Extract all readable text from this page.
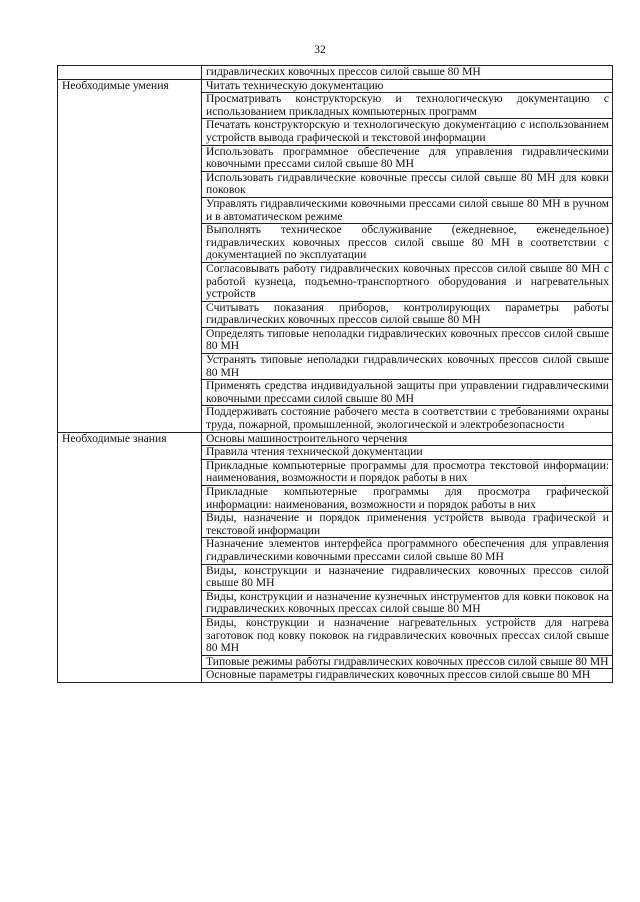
32
	гидравлических ковочных прессов силой свыше 80 МН
Необходимые умения	Читать техническую документацию
	Просматривать конструкторскую и технологическую документацию с использованием прикладных компьютерных программ
	Печатать конструкторскую и технологическую документацию с использованием устройств вывода графической и текстовой информации
	Использовать программное обеспечение для управления гидравлическими ковочными прессами силой свыше 80 МН
	Использовать гидравлические ковочные прессы силой свыше 80 МН для ковки поковок
	Управлять гидравлическими ковочными прессами силой свыше 80 МН в ручном и в автоматическом режиме
	Выполнять техническое обслуживание (ежедневное, еженедельное) гидравлических ковочных прессов силой свыше 80 МН в соответствии с документацией по эксплуатации
	Согласовывать работу гидравлических ковочных прессов силой свыше 80 МН с работой кузнеца, подъемно-транспортного оборудования и нагревательных устройств
	Считывать показания приборов, контролирующих параметры работы гидравлических ковочных прессов силой свыше 80 МН
	Определять типовые неполадки гидравлических ковочных прессов силой свыше 80 МН
	Устранять типовые неполадки гидравлических ковочных прессов силой свыше 80 МН
	Применять средства индивидуальной защиты при управлении гидравлическими ковочными прессами силой свыше 80 МН
	Поддерживать состояние рабочего места в соответствии с требованиями охраны труда, пожарной, промышленной, экологической и электробезопасности
Необходимые знания	Основы машиностроительного черчения
	Правила чтения технической документации
	Прикладные компьютерные программы для просмотра текстовой информации: наименования, возможности и порядок работы в них
	Прикладные компьютерные программы для просмотра графической информации: наименования, возможности и порядок работы в них
	Виды, назначение и порядок применения устройств вывода графической и текстовой информации
	Назначение элементов интерфейса программного обеспечения для управления гидравлическими ковочными прессами силой свыше 80 МН
	Виды, конструкции и назначение гидравлических ковочных прессов силой свыше 80 МН
	Виды, конструкции и назначение кузнечных инструментов для ковки поковок на гидравлических ковочных прессах силой свыше 80 МН
	Виды, конструкции и назначение нагревательных устройств для нагрева заготовок под ковку поковок на гидравлических ковочных прессах силой свыше 80 МН
	Типовые режимы работы гидравлических ковочных прессов силой свыше 80 МН
	Основные параметры гидравлических ковочных прессов силой свыше 80 МН
